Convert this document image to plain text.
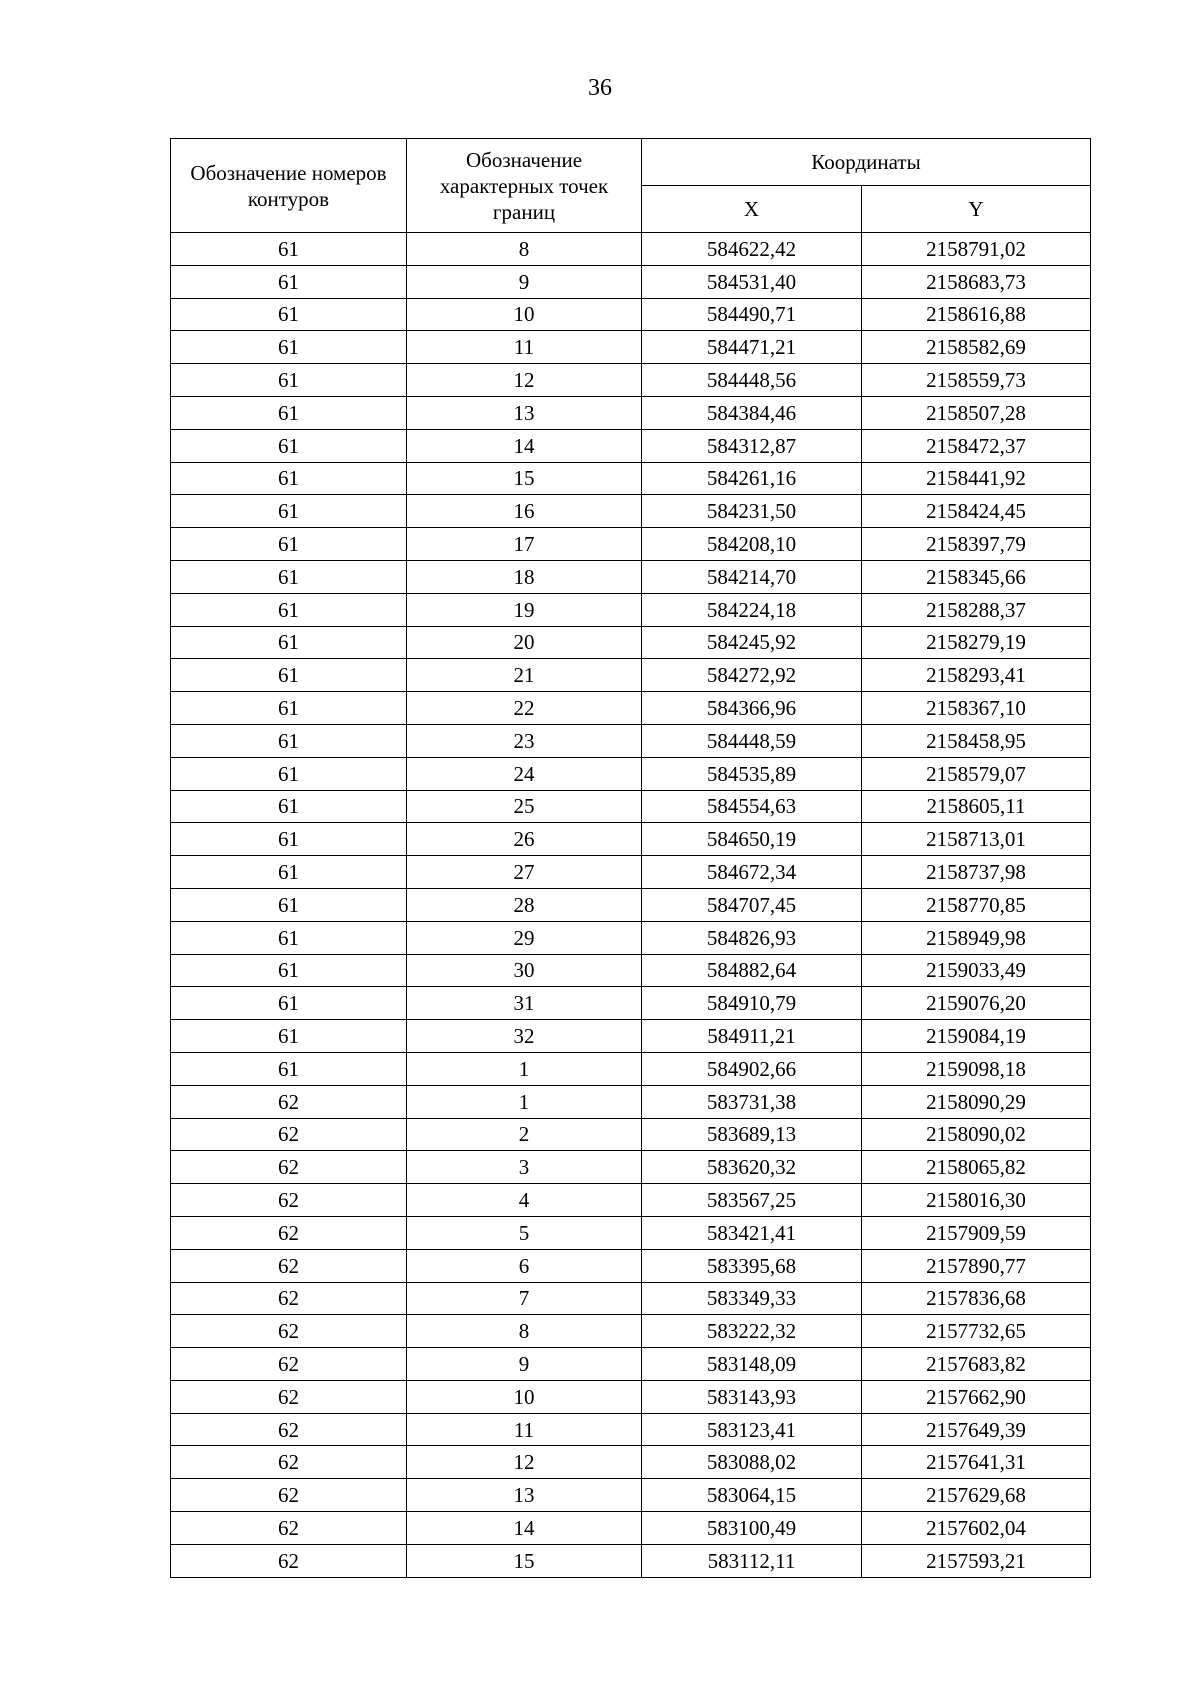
36
Обозначение номеров контуров	Обозначение характерных точек границ	Координаты	
		X	Y
61	8	584622,42	2158791,02
61	9	584531,40	2158683,73
61	10	584490,71	2158616,88
61	11	584471,21	2158582,69
61	12	584448,56	2158559,73
61	13	584384,46	2158507,28
61	14	584312,87	2158472,37
61	15	584261,16	2158441,92
61	16	584231,50	2158424,45
61	17	584208,10	2158397,79
61	18	584214,70	2158345,66
61	19	584224,18	2158288,37
61	20	584245,92	2158279,19
61	21	584272,92	2158293,41
61	22	584366,96	2158367,10
61	23	584448,59	2158458,95
61	24	584535,89	2158579,07
61	25	584554,63	2158605,11
61	26	584650,19	2158713,01
61	27	584672,34	2158737,98
61	28	584707,45	2158770,85
61	29	584826,93	2158949,98
61	30	584882,64	2159033,49
61	31	584910,79	2159076,20
61	32	584911,21	2159084,19
61	1	584902,66	2159098,18
62	1	583731,38	2158090,29
62	2	583689,13	2158090,02
62	3	583620,32	2158065,82
62	4	583567,25	2158016,30
62	5	583421,41	2157909,59
62	6	583395,68	2157890,77
62	7	583349,33	2157836,68
62	8	583222,32	2157732,65
62	9	583148,09	2157683,82
62	10	583143,93	2157662,90
62	11	583123,41	2157649,39
62	12	583088,02	2157641,31
62	13	583064,15	2157629,68
62	14	583100,49	2157602,04
62	15	583112,11	2157593,21
